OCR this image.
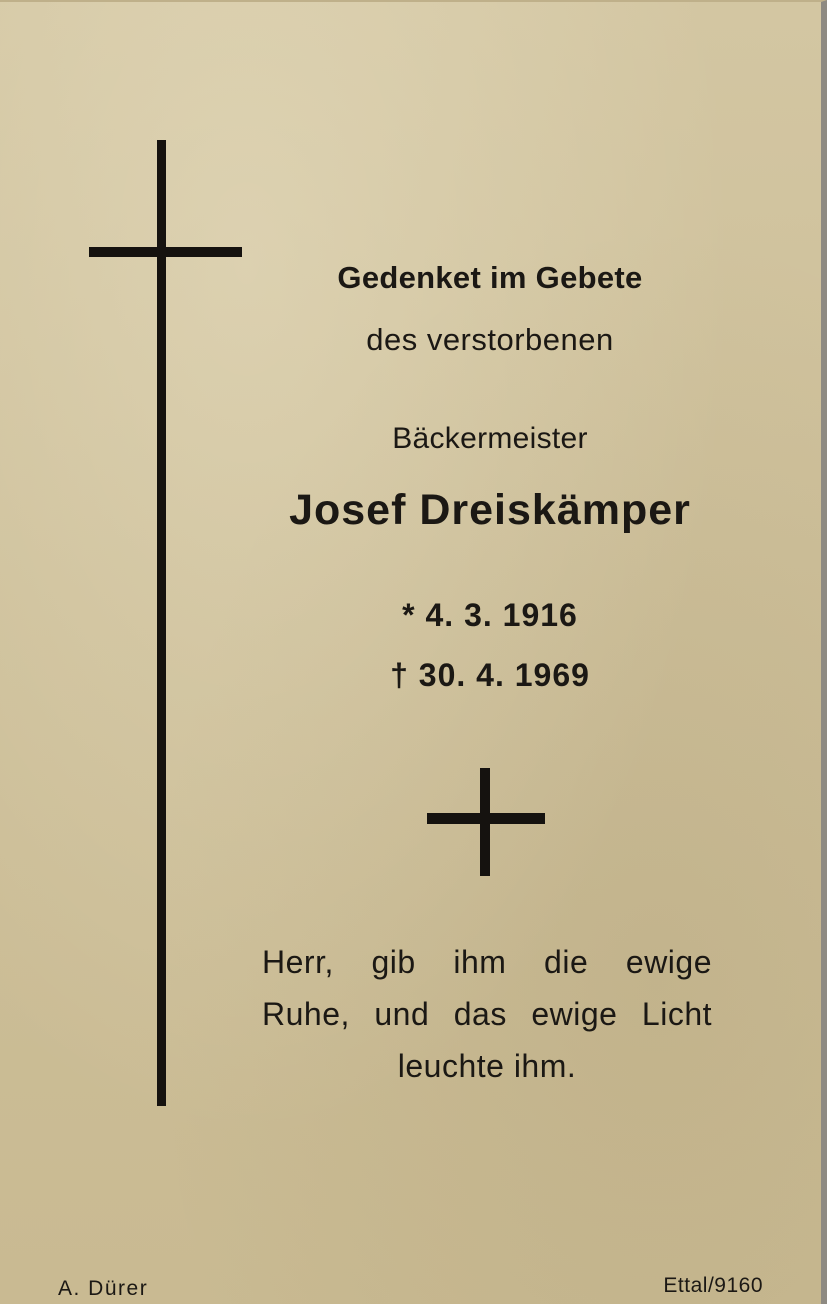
Gedenket im Gebete
des verstorbenen
Bäckermeister
Josef Dreiskämper
* 4. 3. 1916
† 30. 4. 1969
Herr, gib ihm die ewige
Ruhe, und das ewige Licht
leuchte ihm.
A. Dürer	Ettal/9160
